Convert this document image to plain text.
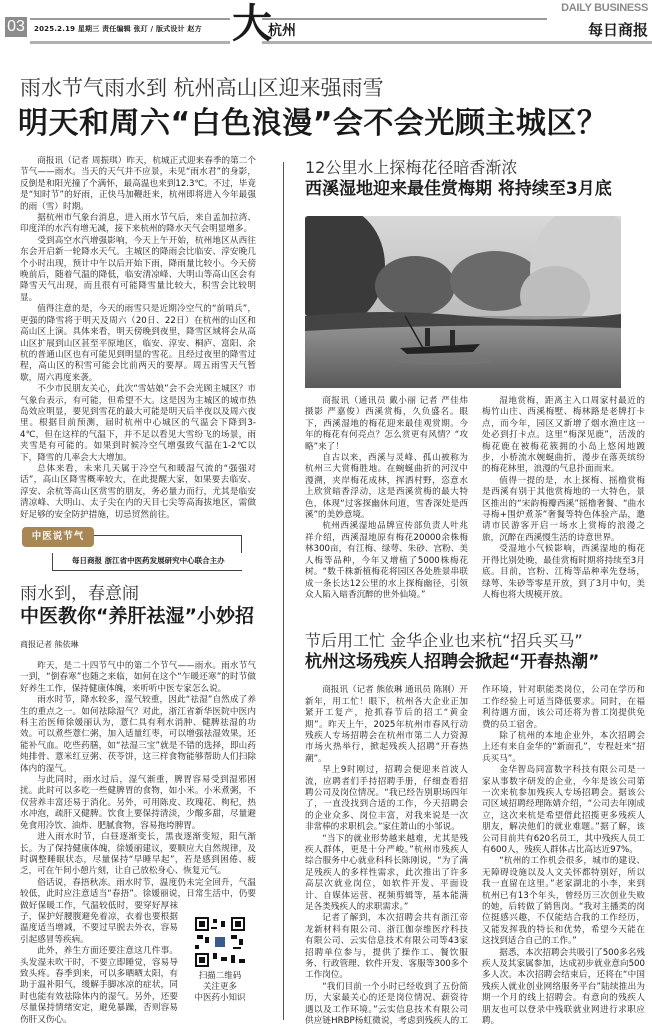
03	2025.2.19 星期三 责任编辑 张玎 / 版式设计 赵方 大
杭州
DAILY BUSINESS
每日商报
雨水节气雨水到 杭州高山区迎来强雨雪
明天和周六“白色浪漫”会不会光顾主城区？

商报讯（记者 周振琪）昨天，杭城正式迎来春季的第二个节气——雨水。当天的天气并不应景，未见“雨水君”的身影，反倒是和阳光撞了个满怀，最高温也来到12.3℃。不过，毕竟是“知时节”的好雨，正快马加鞭赶来，杭州即将进入今年最强的雨（雪）时期。

据杭州市气象台消息，进入雨水节气后，来自孟加拉湾、印度洋的水汽有增无减，接下来杭州的降水天气会明显增多。

受到高空水汽增强影响，今天上午开始，杭州地区从西往东会开启新一轮降水天气。主城区的降雨会比临安、淳安晚几个小时出现，预计中午以后开始下雨，降雨量比较小。今天傍晚前后，随着气温的降低，临安清凉峰、大明山等高山区会有降雪天气出现，而且很有可能降雪量比较大，积雪会比较明显。

值得注意的是，今天的雨雪只是近期冷空气的“前哨兵”，更强的降雪将于明天及周六（20日、22日）在杭州的山区和高山区上演。具体来看，明天傍晚到夜里，降雪区域将会从高山区扩展到山区甚至平原地区，临安、淳安、桐庐、富阳、余杭的普通山区也有可能见到明显的雪花。且经过夜里的降雪过程，高山区的积雪可能会比前两天的要厚。周五雨雪天气暂歇，周六再度来袭。

不少市民朋友关心，此次“雪姑娘”会不会光顾主城区？市气象台表示，有可能，但希望不大。这是因为主城区的城市热岛效应明显，要见到雪花的最大可能是明天后半夜以及周六夜里。根据目前预测，届时杭州中心城区的气温会下降到3-4℃，但在这样的气温下，并不足以看见大雪纷飞的场景，雨夹雪是有可能的。如果到时候冷空气增强致气温在1-2℃以下，降雪的几率会大大增加。

总体来看，未来几天属于冷空气和暖湿气流的“强强对话”，高山区降雪概率较大，在此提醒大家，如果要去临安、淳安、余杭等高山区赏雪的朋友，务必量力而行，尤其是临安清凉峰、大明山、太子尖在内的天目七尖等高海拔地区，需做好足够的安全防护措施，切忌贸然前往。

中医说节气
每日商报 浙江省中医药发展研究中心联合主办
雨水到，春意闹
中医教你“养肝祛湿”小妙招
商报记者 熊依琳
扫描二维码
关注更多
中医药小知识

昨天，是二十四节气中的第二个节气——雨水。雨水节气一到，“倒春寒”也随之来临，如何在这个“乍暖还寒”的时节做好养生工作，保持健康体魄，来听听中医专家怎么说。

雨水时节，降水较多，湿气较重，因此“祛湿”自然成了养生的重点之一。如何祛除湿气？对此，浙江省新华医院中医内科主治医师徐媛丽认为，薏仁具有利水消肿、健脾祛湿的功效。可以煮些薏仁粥，加入适量红枣，可以增强祛湿效果，还能补气血。吃些药膳，如“祛湿三宝”就是不错的选择，即山药炖排骨、薏米红豆粥、茯苓饼，这三样食物能够帮助人们扫除体内的湿气。

与此同时，雨水过后，湿气渐重，脾胃容易受到湿邪困扰。此时可以多吃一些健脾胃的食物，如小米。小米煮粥，不仅营养丰富还易于消化。另外，可用陈皮、玫瑰花、枸杞，热水冲泡，疏肝又健脾。饮食上要保持清淡，少酸多甜，尽量避免食用冷饮、油炸、肥腻食物，容易拖垮脾胃。

进入雨水时节，白昼逐渐变长，黑夜逐渐变短，阳气渐长。为了保持健康体魄，徐媛丽建议，要顺应大自然规律，及时调整睡眠状态，尽量保持“早睡早起”，若是感到困倦、疲乏，可在午间小憩片刻，让自己放松身心、恢复元气。

俗话说，春捂秋冻。雨水时节，温度仍未完全回升，气温较低，此时应注意适当“春捂”。徐媛丽说，日常生活中，仍要做好保暖工作，气温较低时，要穿好厚袜子，保护好腰腹避免着凉，衣着也要根据温度适当增减，不要过早脱去外衣，容易引起感冒等疾病。

此外，养生方面还要注意这几件事。头发湿未吹干时，不要立即睡觉，容易导致头疼。春季到来，可以多晒晒太阳，有助于温补阳气，缓解手脚冰凉的症状，同时也能有效祛除体内的湿气。另外，还要尽量保持情绪安定，避免暴躁，否则容易伤肝又伤心。

12公里水上探梅花径暗香渐浓
西溪湿地迎来最佳赏梅期 将持续至3月底

商报讯（通讯员 戴小丽 记者 严佳炜 摄影 严嘉俊）西溪赏梅，久负盛名。眼下，西溪湿地的梅花迎来最佳观赏期。今年的梅花有何亮点？怎么赏更有风情？“攻略”来了！

自古以来，西溪与灵峰、孤山被称为杭州三大赏梅胜地。在蜿蜒曲折的河汊中漫溯，夹岸梅花成林，挥洒村野，恣意水上欣赏暗香浮动，这是西溪赏梅的最大特色，体现“过客探幽休问道，雪香深处是西溪”的美妙意境。

杭州西溪湿地品牌宣传部负责人叶兆祥介绍，西溪湿地原有梅花20000余株梅林300亩，有江梅、绿萼、朱砂、宫粉、美人梅等品种，今年又增植了5000株梅花树。“数千株新植梅花将园区各处胜景串联成一条长达12公里的水上探梅幽径，引领众人陷入暗香沉醉的世外仙境。”

湿地赏梅，距离主入口周家村最近的梅竹山庄、西溪梅墅、梅林路是老牌打卡点，而今年，园区又新增了烟水渔庄这一处必到打卡点。这里“梅深见鹿”，活泼的梅花鹿在被梅花簇拥的小岛上悠闲地踱步，小桥流水婉蜒曲折，漫步在落英缤纷的梅花林里，浪漫的气息扑面而来。

值得一提的是，水上探梅、摇橹赏梅是西溪有别于其他赏梅地的一大特色，景区推出的“宋韵梅瓣西溪”摇橹奢餐、“曲水寻梅+围炉煮茶”奢餐等特色体验产品，邀请市民游客开启一场水上赏梅的浪漫之旅，沉醉在西溪慢生活的诗意世界。

受湿地小气候影响，西溪湿地的梅花开得比别处晚，最佳赏梅时期将持续至3月底。目前，宫粉、江梅等品种率先登场，绿萼、朱砂等零星开放，到了3月中旬，美人梅也将大规模开放。

节后用工忙 金华企业也来杭“招兵买马”
杭州这场残疾人招聘会掀起“开春热潮”

商报讯（记者 熊依琳 通讯员 陈刚）开新年，用工忙！眼下，杭州各大企业正加紧开工复产，抢抓春节后的招工“黄金期”。昨天上午，2025年杭州市春风行动残疾人专场招聘会在杭州市第二人力资源市场火热举行，掀起残疾人招聘“开春热潮”。

早上9时刚过，招聘会便迎来首波人流，应聘者们手持招聘手册，仔细查看招聘公司及岗位情况。“我已经告别职场四年了，一直没找到合适的工作，今天招聘会的企业众多、岗位丰富，对我来说是一次非常棒的求职机会。”家住萧山的小邹说。

“当下的就业形势越来越难，尤其是残疾人群体，更是十分严峻。”杭州市残疾人综合服务中心就业科科长陈刚说，“为了满足残疾人的多样性需求，此次推出了许多高层次就业岗位，如软件开发、平面设计、自媒体运营、视频剪辑等，基本能满足各类残疾人的求职需求。”

记者了解到，本次招聘会共有浙江帝龙新材料有限公司、浙江伽奈维医疗科技有限公司、云实信息技术有限公司等43家招聘单位参与，提供了操作工、餐饮服务、行政管理、软件开发、客服等300多个工作岗位。

“我们目前一个小时已经收到了五份简历，大家最关心的还是岗位情况、薪资待遇以及工作环境。”云实信息技术有限公司供应链HRBP杨虹微说，考虑到残疾人的工作环境，针对职能类岗位，公司在学历和工作经验上可适当降低要求。同时，在福利待遇方面，该公司还将为普工岗提供免费的员工宿舍。

除了杭州的本地企业外，本次招聘会上还有来自金华的“新面孔”，专程赶来“招兵买马”。

金华智岛同富数字科技有限公司是一家从事数字研发的企业，今年是该公司第一次来杭参加残疾人专场招聘会。据该公司区域招聘经理陈婧介绍，“公司去年刚成立，这次来杭是希望借此招揽更多残疾人朋友，解决他们的就业难题。”据了解，该公司目前共有620名员工，其中残疾人员工有600人，残疾人群体占比高达近97%。

“杭州的工作机会很多，城市的建设、无障碍设施以及人文关怀都特别好，所以我一直留在这里。”老家湖北的小李，来到杭州已有13个年头，曾经历三次创业失败的她，后转做了销售岗。“我对主播类的岗位挺感兴趣，不仅能结合我的工作经历，又能发挥我的特长和优势，希望今天能在这找到适合自己的工作。”

据悉，本次招聘会共吸引了500多名残疾人及其家属参加，达成初步就业意向500多人次。本次招聘会结束后，还将在“中国残疾人就业创业网络服务平台”陆续推出为期一个月的线上招聘会。有意向的残疾人朋友也可以登录中残联就业网进行求职应聘。
